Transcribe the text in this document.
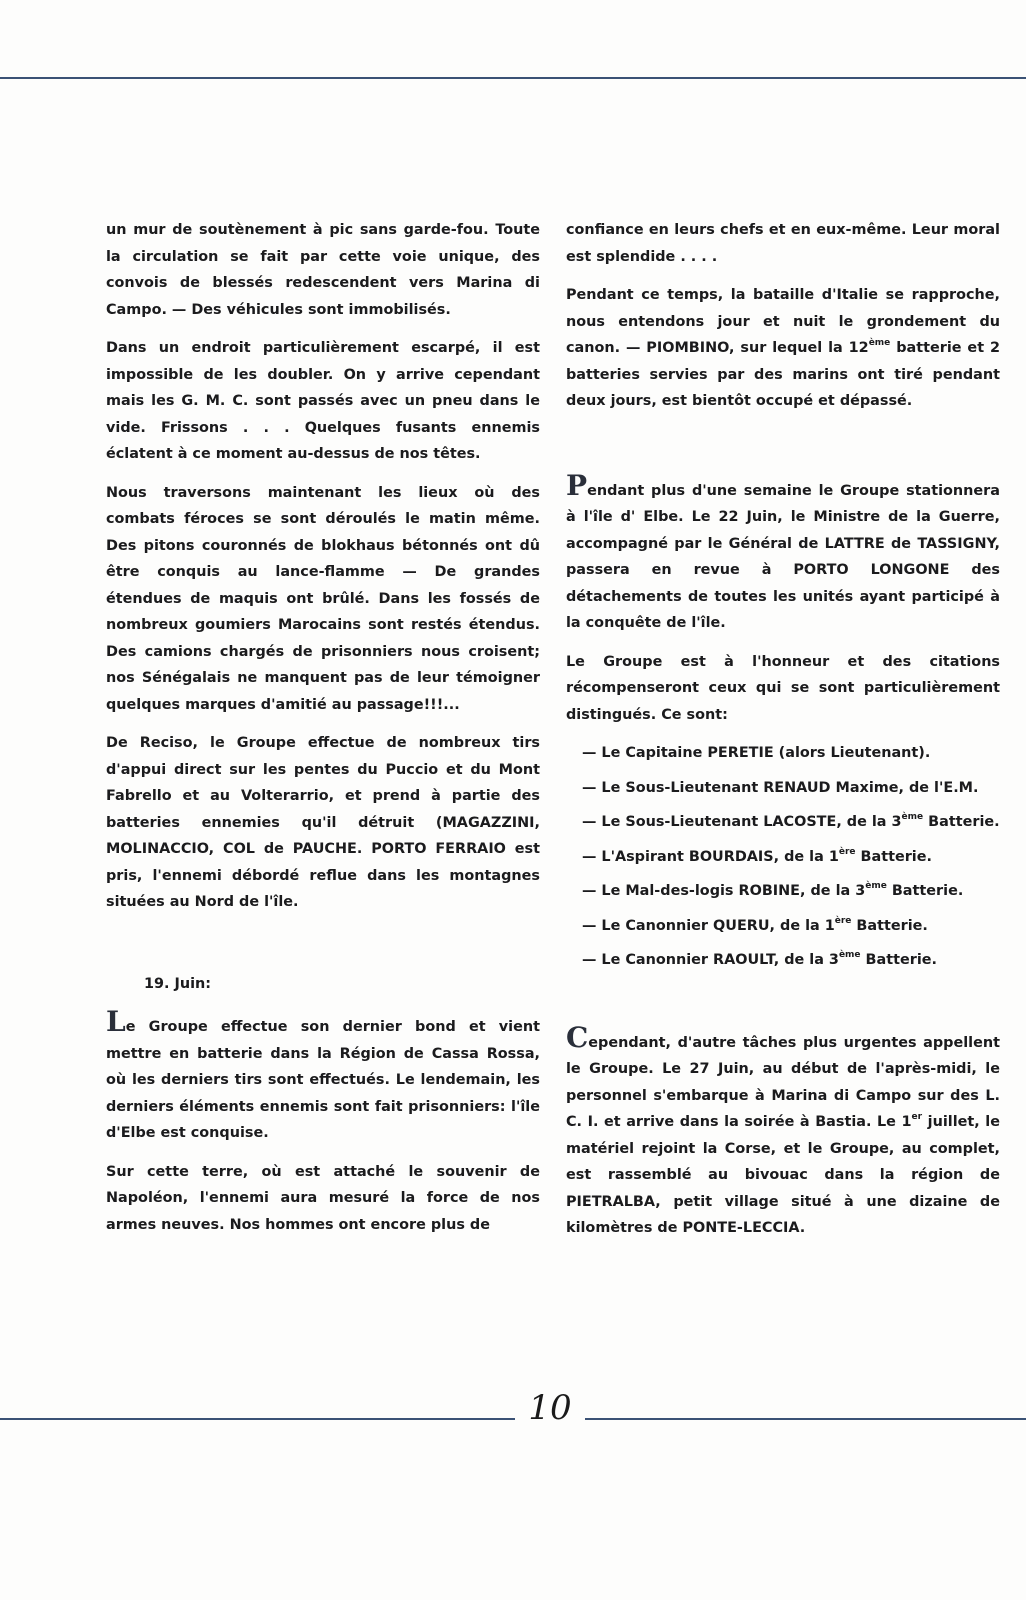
un mur de soutènement à pic sans garde-fou. Toute la circulation se fait par cette voie unique, des convois de blessés redescendent vers Marina di Campo. — Des véhicules sont immobilisés.

Dans un endroit particulièrement escarpé, il est impossible de les doubler. On y arrive cependant mais les G. M. C. sont passés avec un pneu dans le vide. Frissons . . . Quelques fusants ennemis éclatent à ce moment au-dessus de nos têtes.

Nous traversons maintenant les lieux où des combats féroces se sont déroulés le matin même. Des pitons couronnés de blokhaus bétonnés ont dû être conquis au lance-flamme — De grandes étendues de maquis ont brûlé. Dans les fossés de nombreux goumiers Marocains sont restés étendus. Des camions chargés de prisonniers nous croisent; nos Sénégalais ne manquent pas de leur témoigner quelques marques d'amitié au passage!!!...

De Reciso, le Groupe effectue de nombreux tirs d'appui direct sur les pentes du Puccio et du Mont Fabrello et au Volterarrio, et prend à partie des batteries ennemies qu'il détruit (MAGAZZINI, MOLINACCIO, COL de PAUCHE. PORTO FERRAIO est pris, l'ennemi débordé reflue dans les montagnes situées au Nord de l'île.

19. Juin:

Le Groupe effectue son dernier bond et vient mettre en batterie dans la Région de Cassa Rossa, où les derniers tirs sont effectués. Le lendemain, les derniers éléments ennemis sont fait prisonniers: l'île d'Elbe est conquise.

Sur cette terre, où est attaché le souvenir de Napoléon, l'ennemi aura mesuré la force de nos armes neuves. Nos hommes ont encore plus de

confiance en leurs chefs et en eux-même. Leur moral est splendide . . . .

Pendant ce temps, la bataille d'Italie se rapproche, nous entendons jour et nuit le grondement du canon. — PIOMBINO, sur lequel la 12ème batterie et 2 batteries servies par des marins ont tiré pendant deux jours, est bientôt occupé et dépassé.

Pendant plus d'une semaine le Groupe stationnera à l'île d' Elbe. Le 22 Juin, le Ministre de la Guerre, accompagné par le Général de LATTRE de TASSIGNY, passera en revue à PORTO LONGONE des détachements de toutes les unités ayant participé à la conquête de l'île.

Le Groupe est à l'honneur et des citations récompenseront ceux qui se sont particulièrement distingués. Ce sont:

— Le Capitaine PERETIE (alors Lieutenant).
— Le Sous-Lieutenant RENAUD Maxime, de l'E.M.
— Le Sous-Lieutenant LACOSTE, de la 3ème Batterie.
— L'Aspirant BOURDAIS, de la 1ère Batterie.
— Le Mal-des-logis ROBINE, de la 3ème Batterie.
— Le Canonnier QUERU, de la 1ère Batterie.
— Le Canonnier RAOULT, de la 3ème Batterie.

Cependant, d'autre tâches plus urgentes appellent le Groupe. Le 27 Juin, au début de l'après-midi, le personnel s'embarque à Marina di Campo sur des L. C. I. et arrive dans la soirée à Bastia. Le 1er juillet, le matériel rejoint la Corse, et le Groupe, au complet, est rassemblé au bivouac dans la région de PIETRALBA, petit village situé à une dizaine de kilomètres de PONTE-LECCIA.

10
